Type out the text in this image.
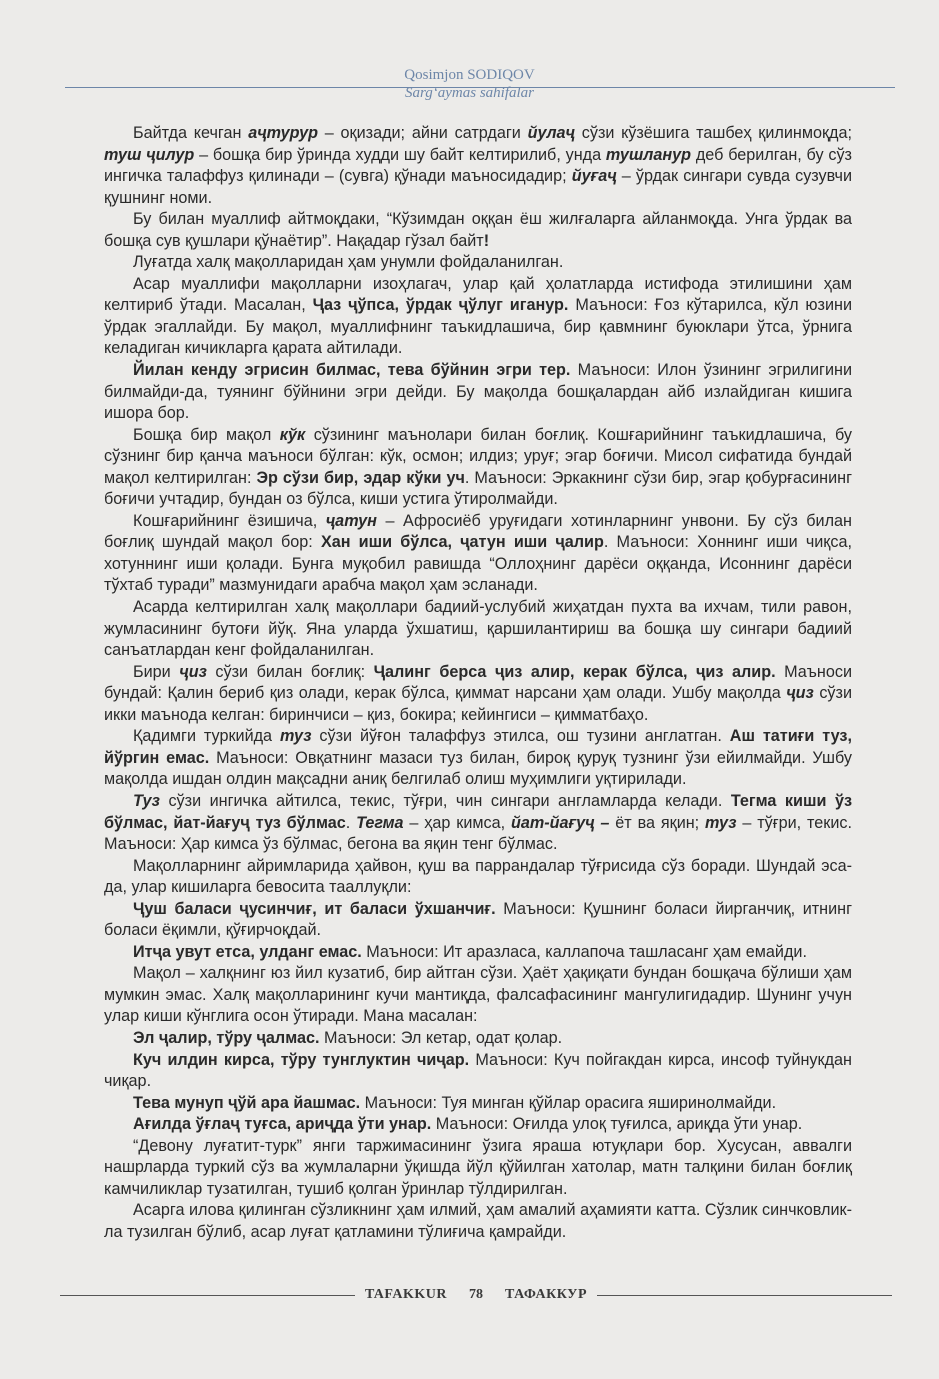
Qosimjon SODIQOV
Sarg‘aymas sahifalar

Байтда кечган аҷтурур – оқизади; айни сатрдаги йулаҷ сўзи кўзёшига ташбеҳ қилинмоқда; туш ҷилур – бошқа бир ўринда худди шу байт келтирилиб, унда тушланур деб берилган, бу сўз ингичка талаффуз қилинади – (сувга) қўнади маъносидадир; йуғаҷ – ўрдак сингари сувда сузувчи қушнинг номи.

Бу билан муаллиф айтмоқдаки, “Кўзимдан оққан ёш жилғаларга айланмоқда. Унга ўрдак ва бошқа сув қушлари қўнаётир”. Нақадар гўзал байт!

Луғатда халқ мақолларидан ҳам унумли фойдаланилган.

Асар муаллифи мақолларни изоҳлагач, улар қай ҳолатларда истифода этилишини ҳам келтириб ўтади. Масалан, Ҷаз ҷўпса, ўрдак ҷўлуг иганур. Маъноси: Ғоз кўтарилса, кўл юзини ўрдак эгаллайди. Бу мақол, муаллифнинг таъкидлашича, бир қавмнинг буюклари ўтса, ўрнига келадиган кичикларга қарата айтилади.

Йилан кенду эгрисин билмас, тева бўйнин эгри тер. Маъноси: Илон ўзининг эгрилигини билмайди-да, туянинг бўйнини эгри дейди. Бу мақолда бошқалардан айб излайдиган кишига ишора бор.

Бошқа бир мақол кўк сўзининг маънолари билан боғлиқ. Кошғарийнинг таъкидлашича, бу сўзнинг бир қанча маъноси бўлган: кўк, осмон; илдиз; уруғ; эгар боғичи. Мисол сифатида бундай мақол келтирилган: Эр сўзи бир, эдар кўки уч. Маъноси: Эркакнинг сўзи бир, эгар қобурғасининг боғичи учтадир, бундан оз бўлса, киши устига ўтиролмайди.

Кошғарийнинг ёзишича, ҷатун – Афросиёб уруғидаги хотинларнинг унвони. Бу сўз билан боғлиқ шундай мақол бор: Хан иши бўлса, ҷатун иши ҷалир. Маъноси: Хоннинг иши чиқса, хотуннинг иши қолади. Бунга муқобил равишда “Оллоҳнинг дарёси оққанда, Исоннинг дарёси тўхтаб туради” мазмунидаги арабча мақол ҳам эсланади.

Асарда келтирилган халқ мақоллари бадиий-услубий жиҳатдан пухта ва ихчам, тили равон, жумласининг бутоғи йўқ. Яна уларда ўхшатиш, қаршилантириш ва бошқа шу сингари бадиий санъатлардан кенг фойдаланилган.

Бири ҷиз сўзи билан боғлиқ: Ҷалинг берса ҷиз алир, керак бўлса, ҷиз алир. Маъноси бундай: Қалин бериб қиз олади, керак бўлса, қиммат нарсани ҳам олади. Ушбу мақолда ҷиз сўзи икки маънода келган: биринчиси – қиз, бокира; кейингиси – қимматбаҳо.

Қадимги туркийда туз сўзи йўғон талаффуз этилса, ош тузини англатган. Аш татиғи туз, йўргин емас. Маъноси: Овқатнинг мазаси туз билан, бироқ қуруқ тузнинг ўзи ейилмайди. Ушбу мақолда ишдан олдин мақсадни аниқ белгилаб олиш муҳимлиги уқтирилади.

Туз сўзи ингичка айтилса, текис, тўғри, чин сингари англамларда келади. Тегма киши ўз бўлмас, йат-йағуҷ туз бўлмас. Тегма – ҳар кимса, йат-йағуҷ – ёт ва яқин; туз – тўғри, текис. Маъноси: Ҳар кимса ўз бўлмас, бегона ва яқин тенг бўлмас.

Мақолларнинг айримларида ҳайвон, қуш ва паррандалар тўғрисида сўз боради. Шундай эса-да, улар кишиларга бевосита тааллуқли:

Ҷуш баласи ҷусинчиғ, ит баласи ўхшанчиғ. Маъноси: Қушнинг боласи йирганчиқ, итнинг боласи ёқимли, қўғирчоқдай.

Итҷа увут етса, улданг емас. Маъноси: Ит аразласа, каллапоча ташласанг ҳам емайди.

Мақол – халқнинг юз йил кузатиб, бир айтган сўзи. Ҳаёт ҳақиқати бундан бошқача бўлиши ҳам мумкин эмас. Халқ мақолларининг кучи мантиқда, фалсафасининг мангулигидадир. Шунинг учун улар киши кўнглига осон ўтиради. Мана масалан:

Эл ҷалир, тўру ҷалмас. Маъноси: Эл кетар, одат қолар.

Куч илдин кирса, тўру тунглуктин чиҷар. Маъноси: Куч пойгакдан кирса, инсоф туйнукдан чиқар.

Тева мунуп ҷўй ара йашмас. Маъноси: Туя минган қўйлар орасига яширинолмайди.

Ағилда ўғлаҷ туғса, ариҷда ўти унар. Маъноси: Оғилда улоқ туғилса, ариқда ўти унар.

“Девону луғатит-турк” янги таржимасининг ўзига яраша ютуқлари бор. Хусусан, аввалги нашрларда туркий сўз ва жумлаларни ўқишда йўл қўйилган хатолар, матн талқини билан боғлиқ камчиликлар тузатилган, тушиб қолган ўринлар тўлдирилган.

Асарга илова қилинган сўзликнинг ҳам илмий, ҳам амалий аҳамияти катта. Сўзлик синчковлик-ла тузилган бўлиб, асар луғат қатламини тўлиғича қамрайди.

TAFAKKUR	78	ТАФАККУР
